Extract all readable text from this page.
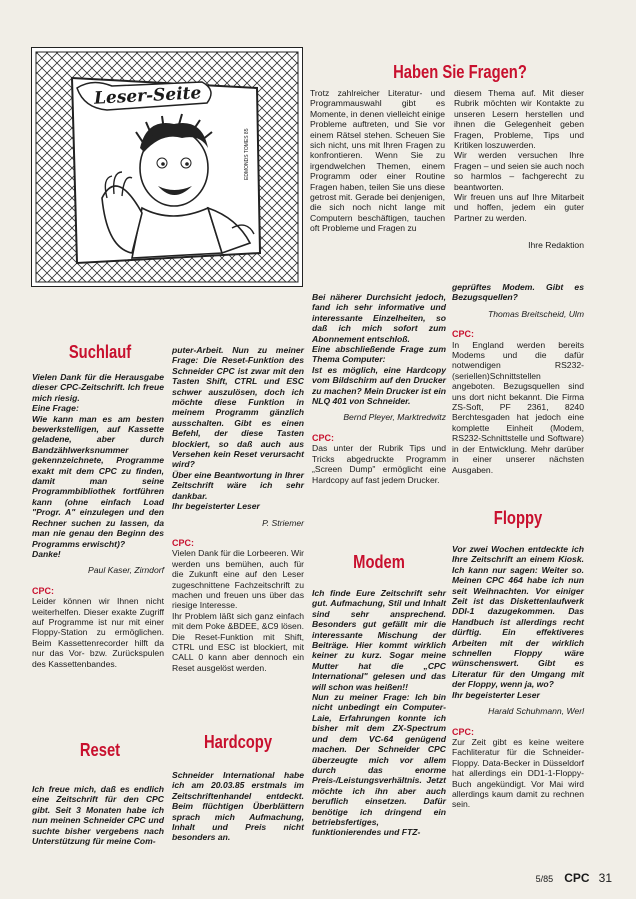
Leser-Seite
EDMONDS TOMES 85
Haben Sie Fragen?
Trotz zahlreicher Literatur- und Programmauswahl gibt es Momente, in denen vielleicht einige Probleme auftreten, und Sie vor einem Rätsel stehen. Scheuen Sie sich nicht, uns mit Ihren Fragen zu konfrontieren. Wenn Sie zu irgendwelchen Themen, einem Programm oder einer Routine Fragen haben, teilen Sie uns diese getrost mit. Gerade bei denjenigen, die sich noch nicht lange mit Computern beschäftigen, tauchen oft Probleme und Fragen zu
diesem Thema auf. Mit dieser Rubrik möchten wir Kontakte zu unseren Lesern herstellen und ihnen die Gelegenheit geben Fragen, Probleme, Tips und Kritiken loszuwerden.
Wir werden versuchen Ihre Fragen – und seien sie auch noch so harmlos – fachgerecht zu beantworten.
Wir freuen uns auf Ihre Mitarbeit und hoffen, jedem ein guter Partner zu werden.
Ihre Redaktion
Bei näherer Durchsicht jedoch, fand ich sehr informative und interessante Einzelheiten, so daß ich mich sofort zum Abonnement entschloß.
Eine abschließende Frage zum Thema Computer:
Ist es möglich, eine Hardcopy vom Bildschirm auf den Drucker zu machen? Mein Drucker ist ein NLQ 401 von Schneider.
Bernd Pleyer, Marktredwitz
CPC:
Das unter der Rubrik Tips und Tricks abgedruckte Programm „Screen Dump" ermöglicht eine Hardcopy auf fast jedem Drucker.
geprüftes Modem. Gibt es Bezugsquellen?
Thomas Breitscheid, Ulm
CPC:
In England werden bereits Modems und die dafür notwendigen RS232-(seriellen)Schnittstellen angeboten. Bezugsquellen sind uns dort nicht bekannt. Die Firma ZS-Soft, PF 2361, 8240 Berchtesgaden hat jedoch eine komplette Einheit (Modem, RS232-Schnittstelle und Software) in der Entwicklung. Mehr darüber in einer unserer nächsten Ausgaben.
Suchlauf
Vielen Dank für die Herausgabe dieser CPC-Zeitschrift. Ich freue mich riesig.
Eine Frage:
Wie kann man es am besten bewerkstelligen, auf Kassette geladene, aber durch Bandzählwerksnummer gekennzeichnete, Programme exakt mit dem CPC zu finden, damit man seine Programmbibliothek fortführen kann (ohne einfach Load "Progr. A" einzulegen und den Rechner suchen zu lassen, da man nie genau den Beginn des Programms erwischt)?
Danke!
Paul Kaser, Zirndorf
CPC:
Leider können wir Ihnen nicht weiterhelfen. Dieser exakte Zugriff auf Programme ist nur mit einer Floppy-Station zu ermöglichen. Beim Kassettenrecorder hilft da nur das Vor- bzw. Zurückspulen des Kassettenbandes.
puter-Arbeit. Nun zu meiner Frage: Die Reset-Funktion des Schneider CPC ist zwar mit den Tasten Shift, CTRL und ESC schwer auszulösen, doch ich möchte diese Funktion in meinem Programm gänzlich ausschalten. Gibt es einen Befehl, der diese Tasten blockiert, so daß auch aus Versehen kein Reset verursacht wird?
Über eine Beantwortung in Ihrer Zeitschrift wäre ich sehr dankbar.
Ihr begeisterter Leser
P. Striemer
CPC:
Vielen Dank für die Lorbeeren. Wir werden uns bemühen, auch für die Zukunft eine auf den Leser zugeschnittene Fachzeitschrift zu machen und freuen uns über das riesige Interesse.
Ihr Problem läßt sich ganz einfach mit dem Poke &BDEE, &C9 lösen. Die Reset-Funktion mit Shift, CTRL und ESC ist blockiert, mit CALL 0 kann aber dennoch ein Reset ausgelöst werden.
Modem
Ich finde Eure Zeitschrift sehr gut. Aufmachung, Stil und Inhalt sind sehr ansprechend. Besonders gut gefällt mir die interessante Mischung der Beiträge. Hier kommt wirklich keiner zu kurz. Sogar meine Mutter hat die „CPC International" gelesen und das will schon was heißen!!
Nun zu meiner Frage: Ich bin nicht unbedingt ein Computer-Laie, Erfahrungen konnte ich bisher mit dem ZX-Spectrum und dem VC-64 genügend machen. Der Schneider CPC überzeugte mich vor allem durch das enorme Preis-/Leistungsverhältnis. Jetzt möchte ich ihn aber auch beruflich einsetzen. Dafür benötige ich dringend ein betriebsfertiges, funktionierendes und FTZ-
Floppy
Vor zwei Wochen entdeckte ich Ihre Zeitschrift an einem Kiosk. Ich kann nur sagen: Weiter so. Meinen CPC 464 habe ich nun seit Weihnachten. Vor einiger Zeit ist das Diskettenlaufwerk DDI-1 dazugekommen. Das Handbuch ist allerdings recht dürftig. Ein effektiveres Arbeiten mit der wirklich schnellen Floppy wäre wünschenswert. Gibt es Literatur für den Umgang mit der Floppy, wenn ja, wo?
Ihr begeisterter Leser
Harald Schuhmann, Werl
CPC:
Zur Zeit gibt es keine weitere Fachliteratur für die Schneider-Floppy. Data-Becker in Düsseldorf hat allerdings ein DD1-1-Floppy-Buch angekündigt. Vor Mai wird allerdings kaum damit zu rechnen sein.
Reset
Ich freue mich, daß es endlich eine Zeitschrift für den CPC gibt. Seit 3 Monaten habe ich nun meinen Schneider CPC und suchte bisher vergebens nach Unterstützung für meine Com-
Hardcopy
Schneider International habe ich am 20.03.85 erstmals im Zeitschriftenhandel entdeckt. Beim flüchtigen Überblättern sprach mich Aufmachung, Inhalt und Preis nicht besonders an.
5/85 CPC 31
